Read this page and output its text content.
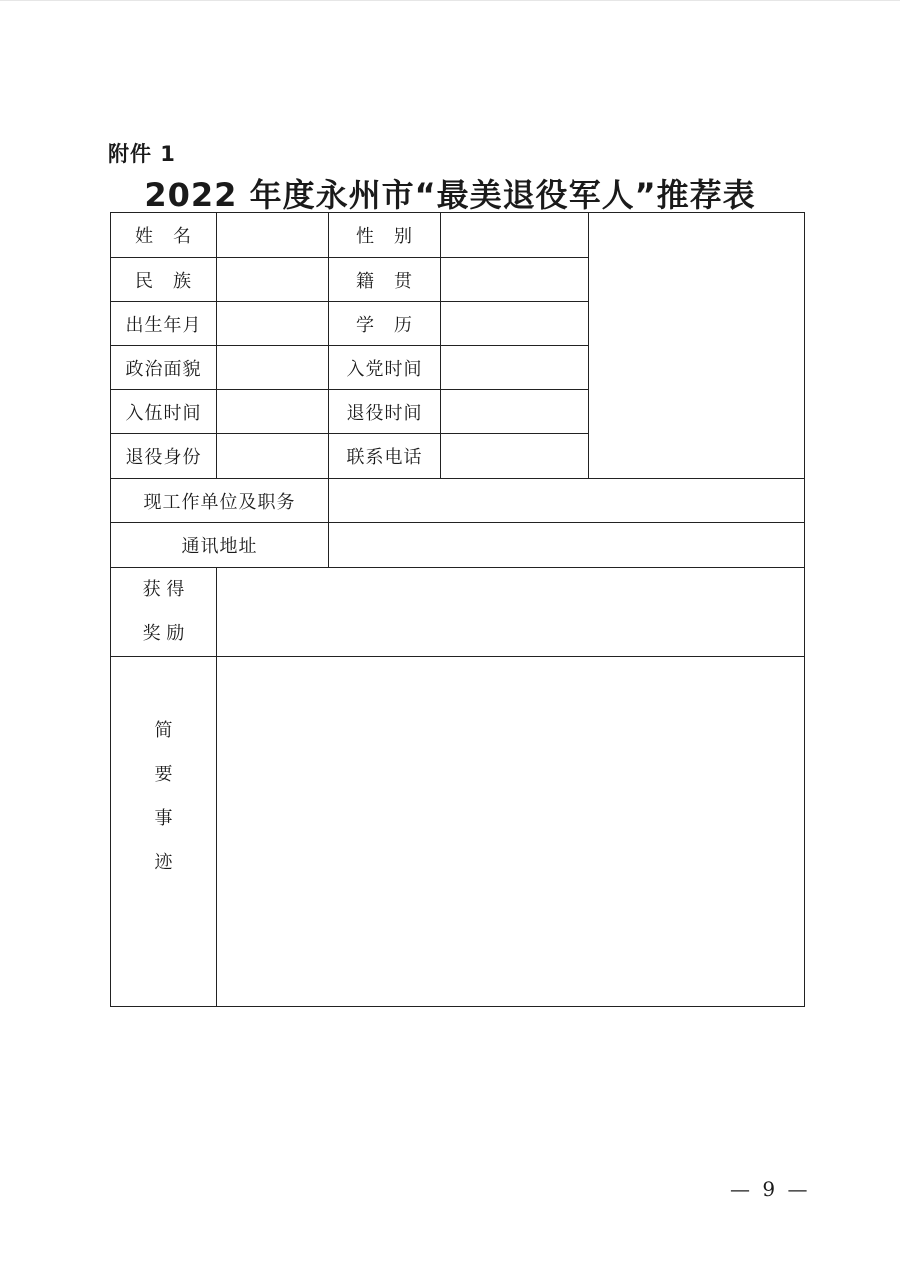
附件 1
2022 年度永州市“最美退役军人”推荐表
姓　名		性　别		
民　族		籍　贯		
出生年月		学　历		
政治面貌		入党时间		
入伍时间		退役时间		
退役身份		联系电话		
现工作单位及职务				
通讯地址				

获 得
奖 励				

简
要
事
迹				

— 9 —
